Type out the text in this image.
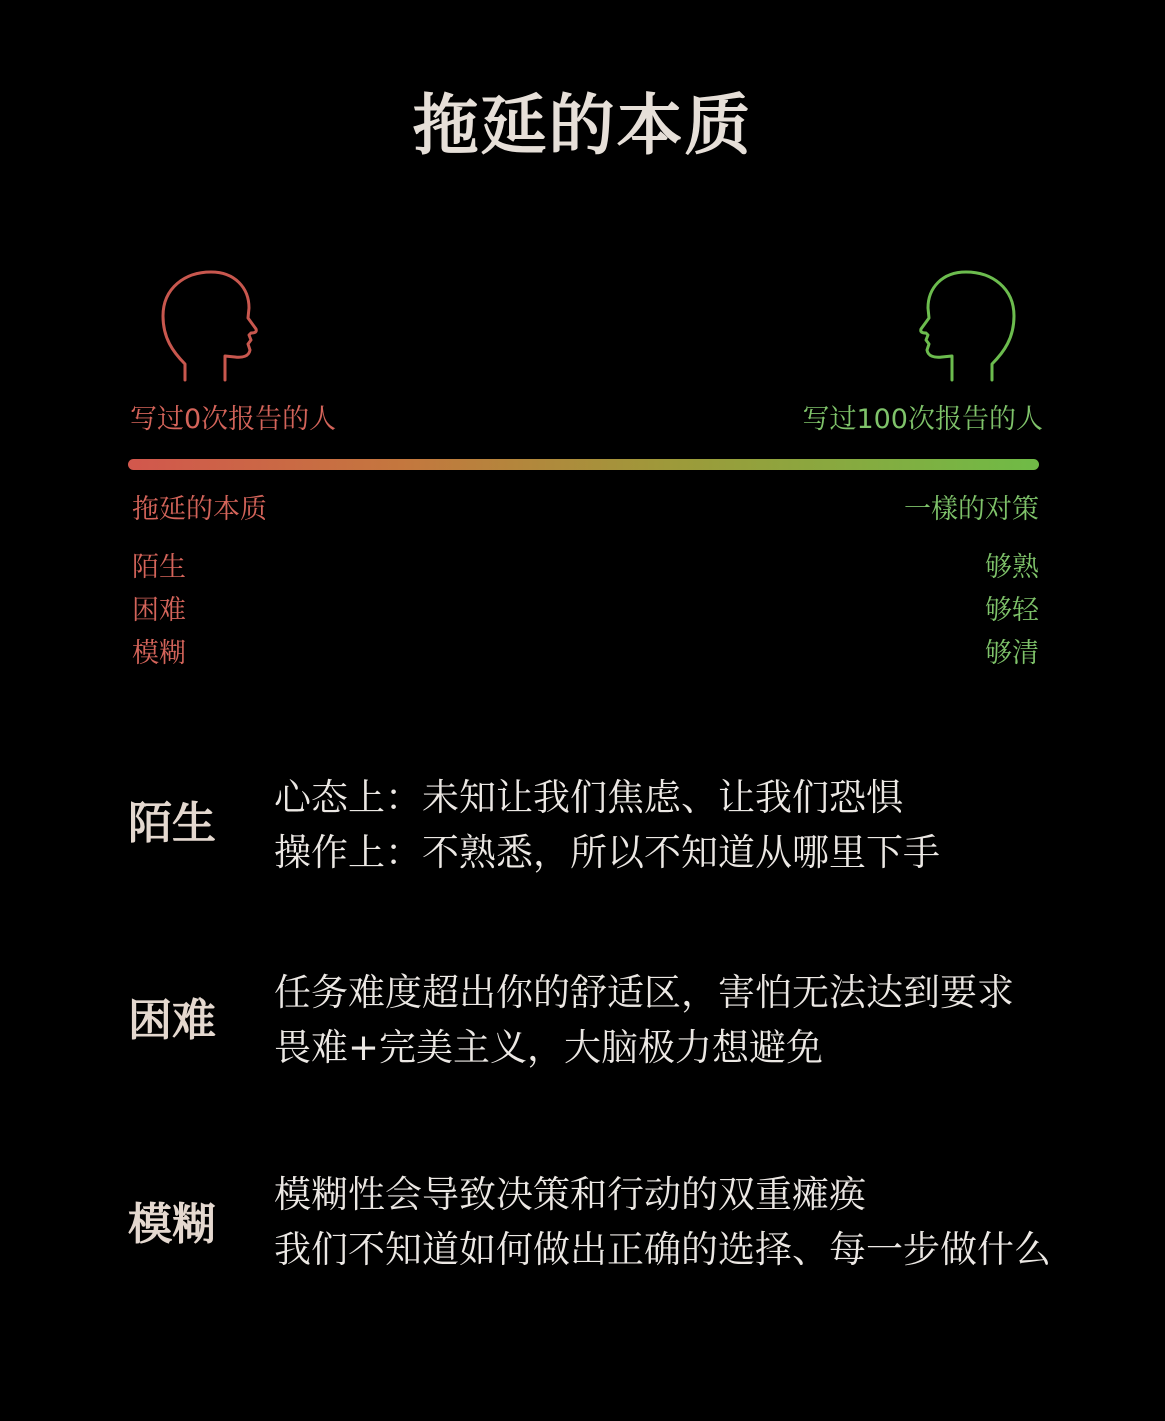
拖延的本质
写过0次报告的人	写过100次报告的人
拖延的本质
陌生
困难
模糊
一樣的对策
够熟
够轻
够清
陌生
心态上：未知让我们焦虑、让我们恐惧
操作上：不熟悉，所以不知道从哪里下手
困难
任务难度超出你的舒适区，害怕无法达到要求
畏难+完美主义，大脑极力想避免
模糊
模糊性会导致决策和行动的双重瘫痪
我们不知道如何做出正确的选择、每一步做什么
